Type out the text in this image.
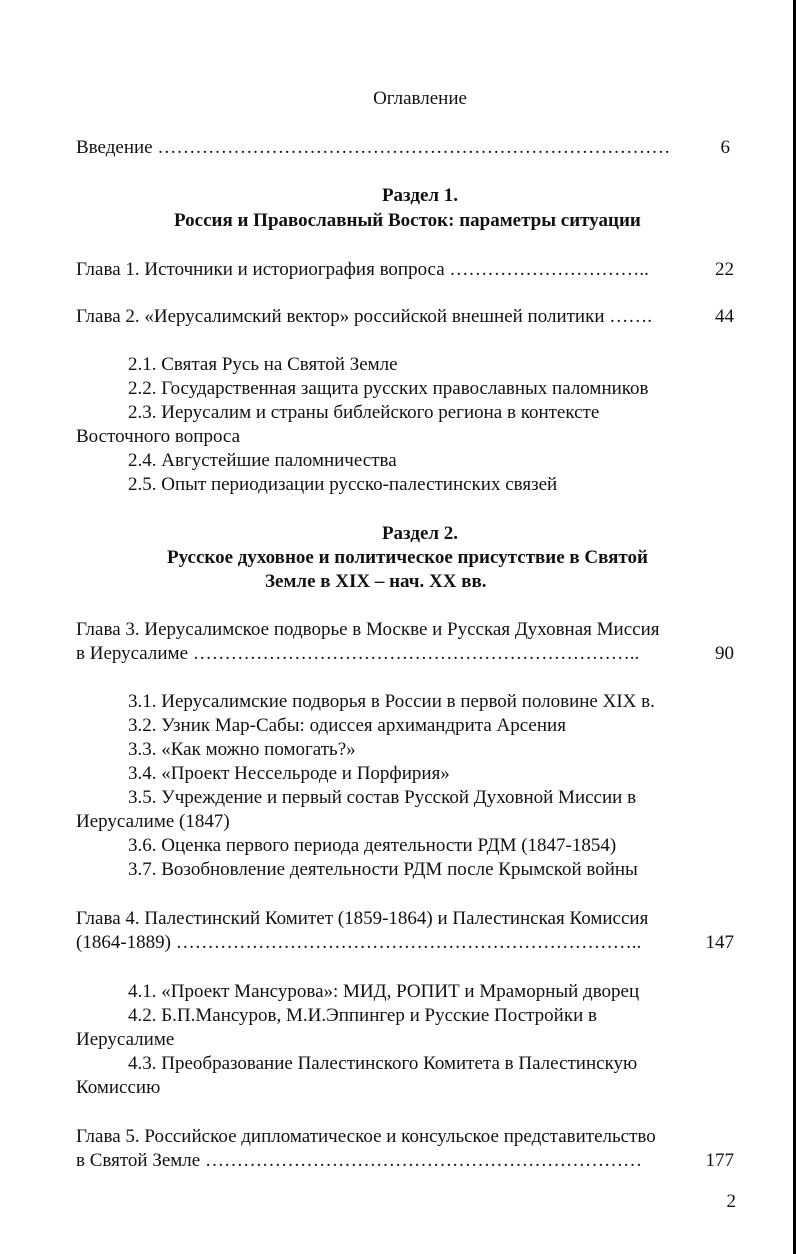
Оглавление
Введение ………………………………………………………………………	6
Раздел 1.
Россия и Православный Восток: параметры ситуации
Глава 1. Источники и историография вопроса …………………………..	22
Глава 2. «Иерусалимский вектор» российской внешней политики …….	44
2.1. Святая Русь на Святой Земле
2.2. Государственная защита русских православных паломников
2.3. Иерусалим и страны библейского региона в контексте
Восточного вопроса
2.4. Августейшие паломничества
2.5. Опыт периодизации русско-палестинских связей
Раздел 2.
Русское духовное и политическое присутствие в Святой
Земле в XIX – нач. XX вв.
Глава 3. Иерусалимское подворье в Москве и Русская Духовная Миссия
в Иерусалиме ……………………………………………………………..	90
3.1. Иерусалимские подворья в России в первой половине XIX в.
3.2. Узник Мар-Сабы: одиссея архимандрита Арсения
3.3. «Как можно помогать?»
3.4. «Проект Нессельроде и Порфирия»
3.5. Учреждение и первый состав Русской Духовной Миссии в
Иерусалиме (1847)
3.6. Оценка первого периода деятельности РДМ (1847-1854)
3.7. Возобновление деятельности РДМ после Крымской войны
Глава 4. Палестинский Комитет (1859-1864) и Палестинская Комиссия
(1864-1889) ………………………………………………………………..	147
4.1. «Проект Мансурова»: МИД, РОПИТ и Мраморный дворец
4.2. Б.П.Мансуров, М.И.Эппингер и Русские Постройки в
Иерусалиме
4.3. Преобразование Палестинского Комитета в Палестинскую
Комиссию
Глава 5. Российское дипломатическое и консульское представительство
в Святой Земле ……………………………………………………………	177
2
